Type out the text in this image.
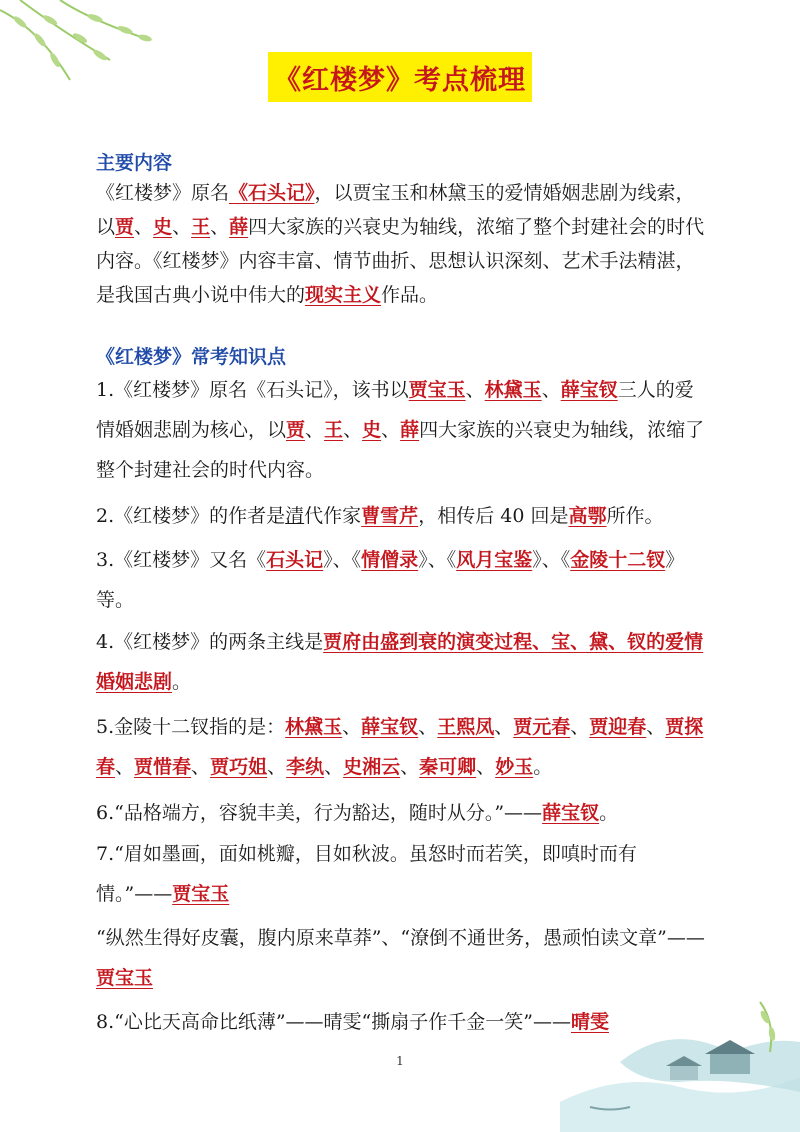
《红楼梦》考点梳理
主要内容
《红楼梦》原名《石头记》，以贾宝玉和林黛玉的爱情婚姻悲剧为线索，以贾、史、王、薛四大家族的兴衰史为轴线，浓缩了整个封建社会的时代内容。《红楼梦》内容丰富、情节曲折、思想认识深刻、艺术手法精湛，是我国古典小说中伟大的现实主义作品。
《红楼梦》常考知识点
1.《红楼梦》原名《石头记》，该书以贾宝玉、林黛玉、薛宝钗三人的爱情婚姻悲剧为核心，以贾、王、史、薛四大家族的兴衰史为轴线，浓缩了整个封建社会的时代内容。
2.《红楼梦》的作者是清代作家曹雪芹，相传后 40 回是高鄂所作。
3.《红楼梦》又名《石头记》、《情僧录》、《风月宝鉴》、《金陵十二钗》等。
4.《红楼梦》的两条主线是贾府由盛到衰的演变过程、宝、黛、钗的爱情婚姻悲剧。
5.金陵十二钗指的是：林黛玉、薛宝钗、王熙凤、贾元春、贾迎春、贾探春、贾惜春、贾巧姐、李纨、史湘云、秦可卿、妙玉。
6.“品格端方，容貌丰美，行为豁达，随时从分。”——薛宝钗。
7.“眉如墨画，面如桃瓣，目如秋波。虽怒时而若笑，即嗔时而有情。”——贾宝玉
“纵然生得好皮囊，腹内原来草莽”、“潦倒不通世务，愚顽怕读文章”——贾宝玉
8.“心比天高命比纸薄”——晴雯“撕扇子作千金一笑”——晴雯
1
